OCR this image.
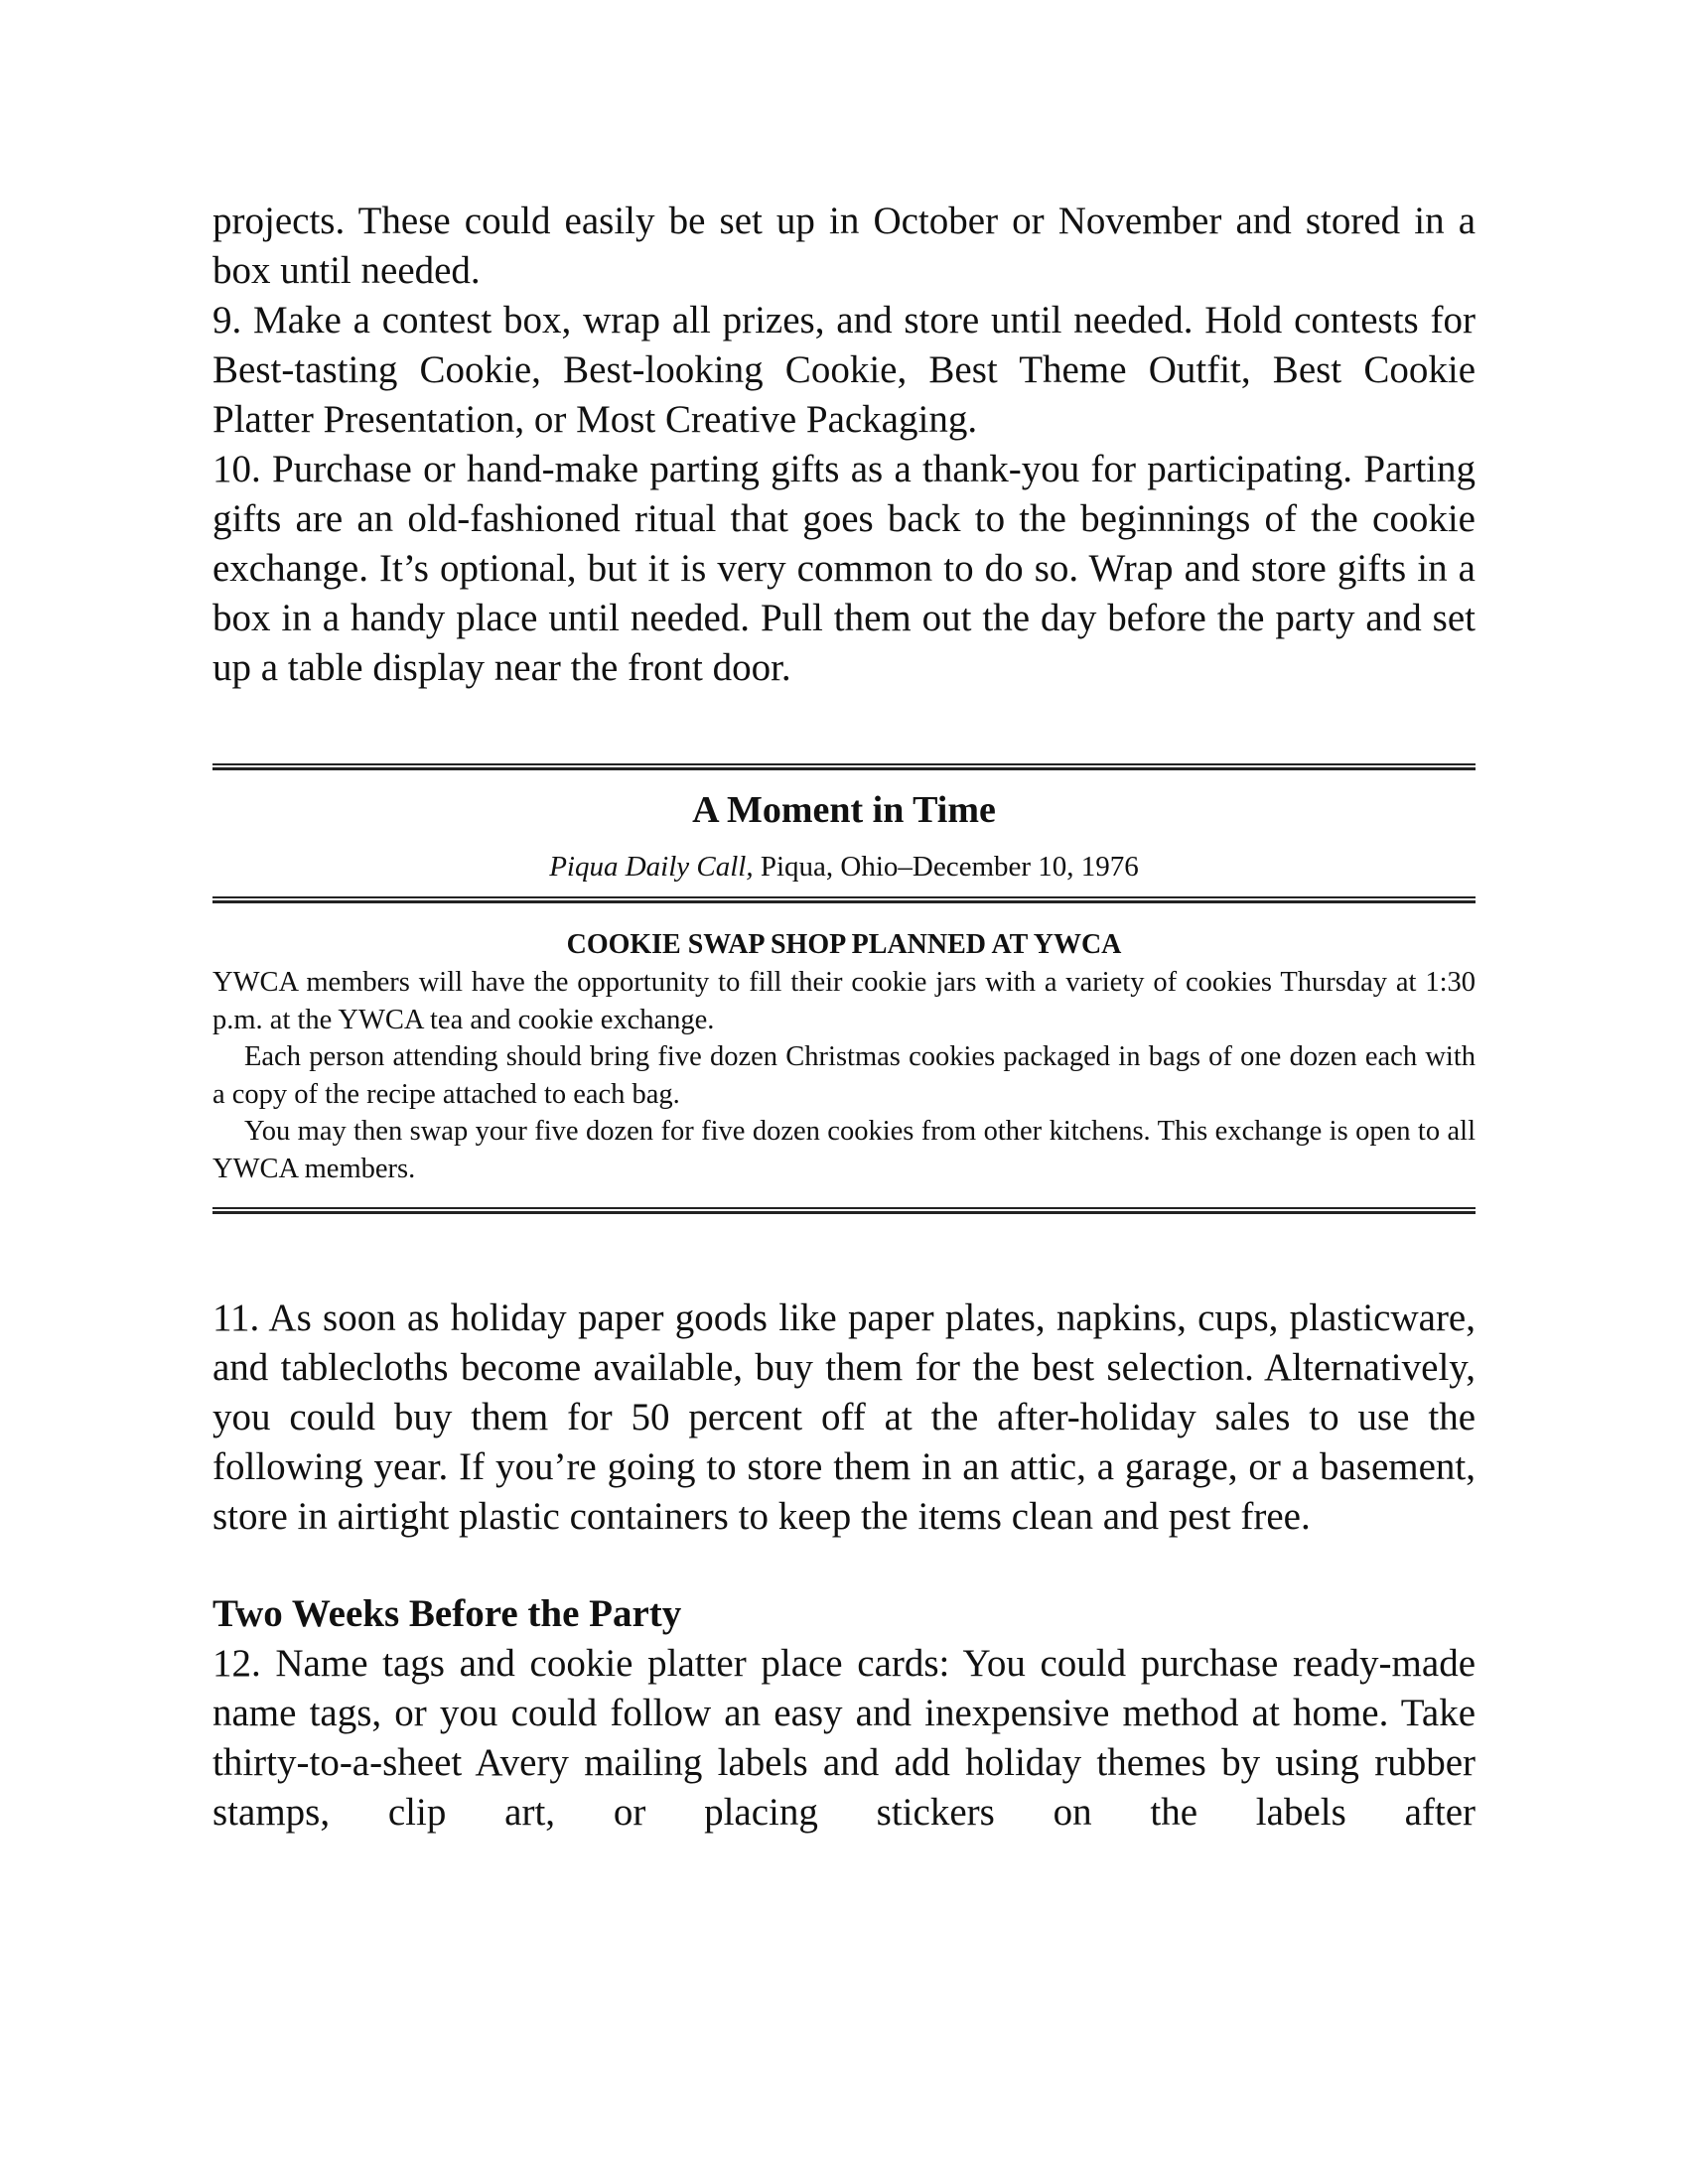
projects. These could easily be set up in October or November and stored in a box until needed.

9. Make a contest box, wrap all prizes, and store until needed. Hold contests for Best-tasting Cookie, Best-looking Cookie, Best Theme Outfit, Best Cookie Platter Presentation, or Most Creative Packaging.

10. Purchase or hand-make parting gifts as a thank-you for participating. Parting gifts are an old-fashioned ritual that goes back to the beginnings of the cookie exchange. It’s optional, but it is very common to do so. Wrap and store gifts in a box in a handy place until needed. Pull them out the day before the party and set up a table display near the front door.

A Moment in Time

Piqua Daily Call, Piqua, Ohio–December 10, 1976

COOKIE SWAP SHOP PLANNED AT YWCA

YWCA members will have the opportunity to fill their cookie jars with a variety of cookies Thursday at 1:30 p.m. at the YWCA tea and cookie exchange.

Each person attending should bring five dozen Christmas cookies packaged in bags of one dozen each with a copy of the recipe attached to each bag.

You may then swap your five dozen for five dozen cookies from other kitchens. This exchange is open to all YWCA members.

11. As soon as holiday paper goods like paper plates, napkins, cups, plasticware, and tablecloths become available, buy them for the best selection. Alternatively, you could buy them for 50 percent off at the after-holiday sales to use the following year. If you’re going to store them in an attic, a garage, or a basement, store in airtight plastic containers to keep the items clean and pest free.

Two Weeks Before the Party

12. Name tags and cookie platter place cards: You could purchase ready-made name tags, or you could follow an easy and inexpensive method at home. Take thirty-to-a-sheet Avery mailing labels and add holiday themes by using rubber stamps, clip art, or placing stickers on the labels after
